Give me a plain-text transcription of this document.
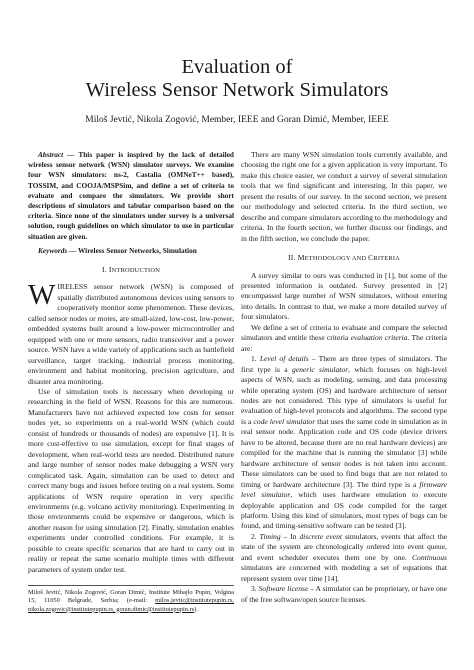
Evaluation of
Wireless Sensor Network Simulators
Miloš Jevtić, Nikola Zogović, Member, IEEE and Goran Dimić, Member, IEEE

Abstract — This paper is inspired by the lack of detailed wireless sensor network (WSN) simulator surveys. We examine four WSN simulators: ns-2, Castalia (OMNeT++ based), TOSSIM, and COOJA/MSPSim, and define a set of criteria to evaluate and compare the simulators. We provide short descriptions of simulators and tabular comparison based on the criteria. Since none of the simulators under survey is a universal solution, rough guidelines on which simulator to use in particular situation are given.

Keywords — Wireless Sensor Networks, Simulation

I. INTRODUCTION

WIRELESS sensor network (WSN) is composed of spatially distributed autonomous devices using sensors to cooperatively monitor some phenomenon. These devices, called sensor nodes or motes, are small-sized, low-cost, low-power, embedded systems built around a low-power microcontroller and equipped with one or more sensors, radio transceiver and a power source. WSN have a wide variety of applications such as battlefield surveillance, target tracking, industrial process monitoring, environment and habitat monitoring, precision agriculture, and disaster area monitoring.

Use of simulation tools is necessary when developing or researching in the field of WSN. Reasons for this are numerous. Manufacturers have not achieved expected low costs for sensor nodes yet, so experiments on a real-world WSN (which could consist of hundreds or thousands of nodes) are expensive [1]. It is more cost-effective to use simulation, except for final stages of development, when real-world tests are needed. Distributed nature and large number of sensor nodes make debugging a WSN very complicated task. Again, simulation can be used to detect and correct many bugs and issues before testing on a real system. Some applications of WSN require operation in very specific environments (e.g. volcano activity monitoring). Experimenting in those environments could be expensive or dangerous, which is another reason for using simulation [2]. Finally, simulation enables experiments under controlled conditions. For example, it is possible to create specific scenarios that are hard to carry out in reality or repeat the same scenario multiple times with different parameters of system under test.

Miloš Jevtić, Nikola Zogović, Goran Dimić, Institute Mihajlo Pupin, Volgina 15, 11050 Belgrade, Serbia; (e-mail: milos.jevtic@institutepupin.rs, nikola.zogovic@institutepupin.rs, goran.dimic@institutepupin.rs).

There are many WSN simulation tools currently available, and choosing the right one for a given application is very important. To make this choice easier, we conduct a survey of several simulation tools that we find significant and interesting. In this paper, we present the results of our survey. In the second section, we present our methodology and selected criteria. In the third section, we describe and compare simulators according to the methodology and criteria. In the fourth section, we further discuss our findings, and in the fifth section, we conclude the paper.

II. METHODOLOGY AND CRITERIA

A survey similar to ours was conducted in [1], but some of the presented information is outdated. Survey presented in [2] encompassed large number of WSN simulators, without entering into details. In contrast to that, we make a more detailed survey of four simulators.

We define a set of criteria to evaluate and compare the selected simulators and entitle these criteria evaluation criteria. The criteria are:

1. Level of details – There are three types of simulators. The first type is a generic simulator, which focuses on high-level aspects of WSN, such as modeling, sensing, and data processing while operating system (OS) and hardware architecture of sensor nodes are not considered. This type of simulators is useful for evaluation of high-level protocols and algorithms. The second type is a code level simulator that uses the same code in simulation as in real sensor node. Application code and OS code (device drivers have to be altered, because there are no real hardware devices) are compiled for the machine that is running the simulator [3] while hardware architecture of sensor nodes is not taken into account. These simulators can be used to find bugs that are not related to timing or hardware architecture [3]. The third type is a firmware level simulator, which uses hardware emulation to execute deployable application and OS code compiled for the target platform. Using this kind of simulators, most types of bugs can be found, and timing-sensitive software can be tested [3].

2. Timing – In discrete event simulators, events that affect the state of the system are chronologically ordered into event queue, and event scheduler executes them one by one. Continuous simulators are concerned with modeling a set of equations that represent system over time [14].

3. Software license – A simulator can be proprietary, or have one of the free software/open source licenses.
